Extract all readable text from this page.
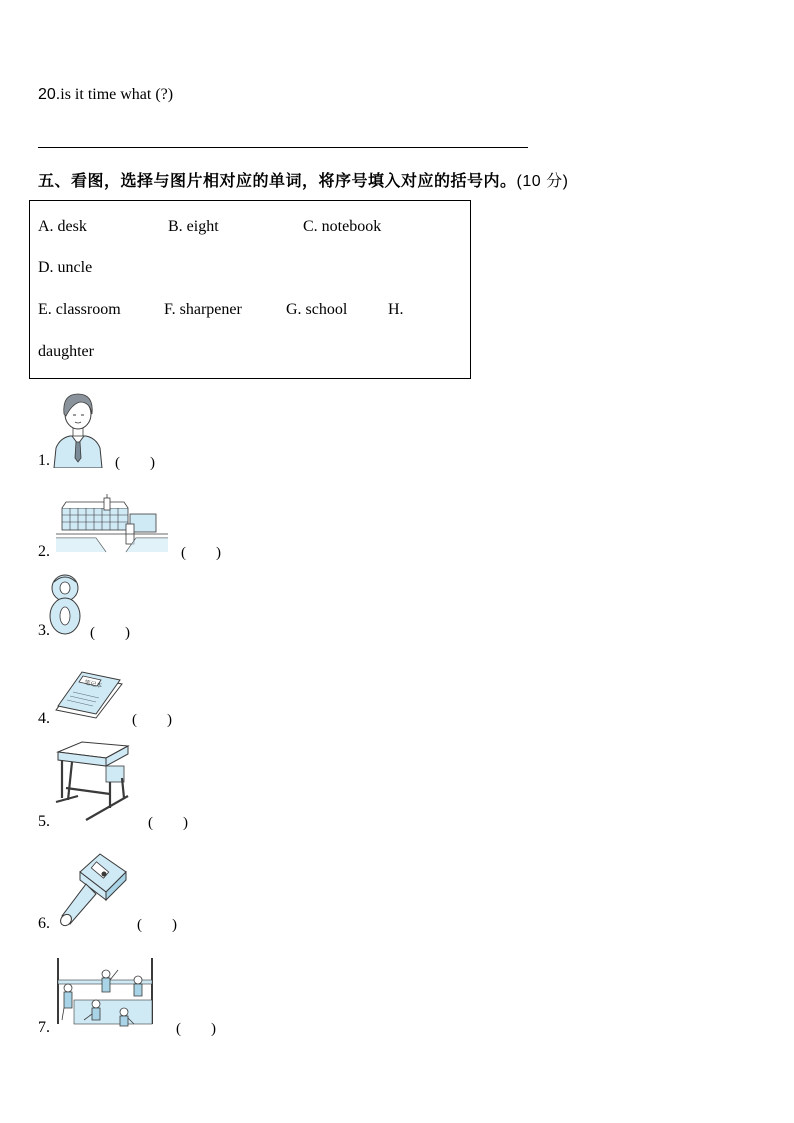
20.is it time what (?)
五、看图，选择与图片相对应的单词，将序号填入对应的括号内。(10 分)
A. desk	B. eight	C. notebook
D. uncle
E. classroom	F. sharpener	G. school	H.
daughter
1.	(　　)
2.	(　　)
3.	(　　)
笔记本
4.	(　　)
5.	(　　)
6.	(　　)
7.	(　　)
